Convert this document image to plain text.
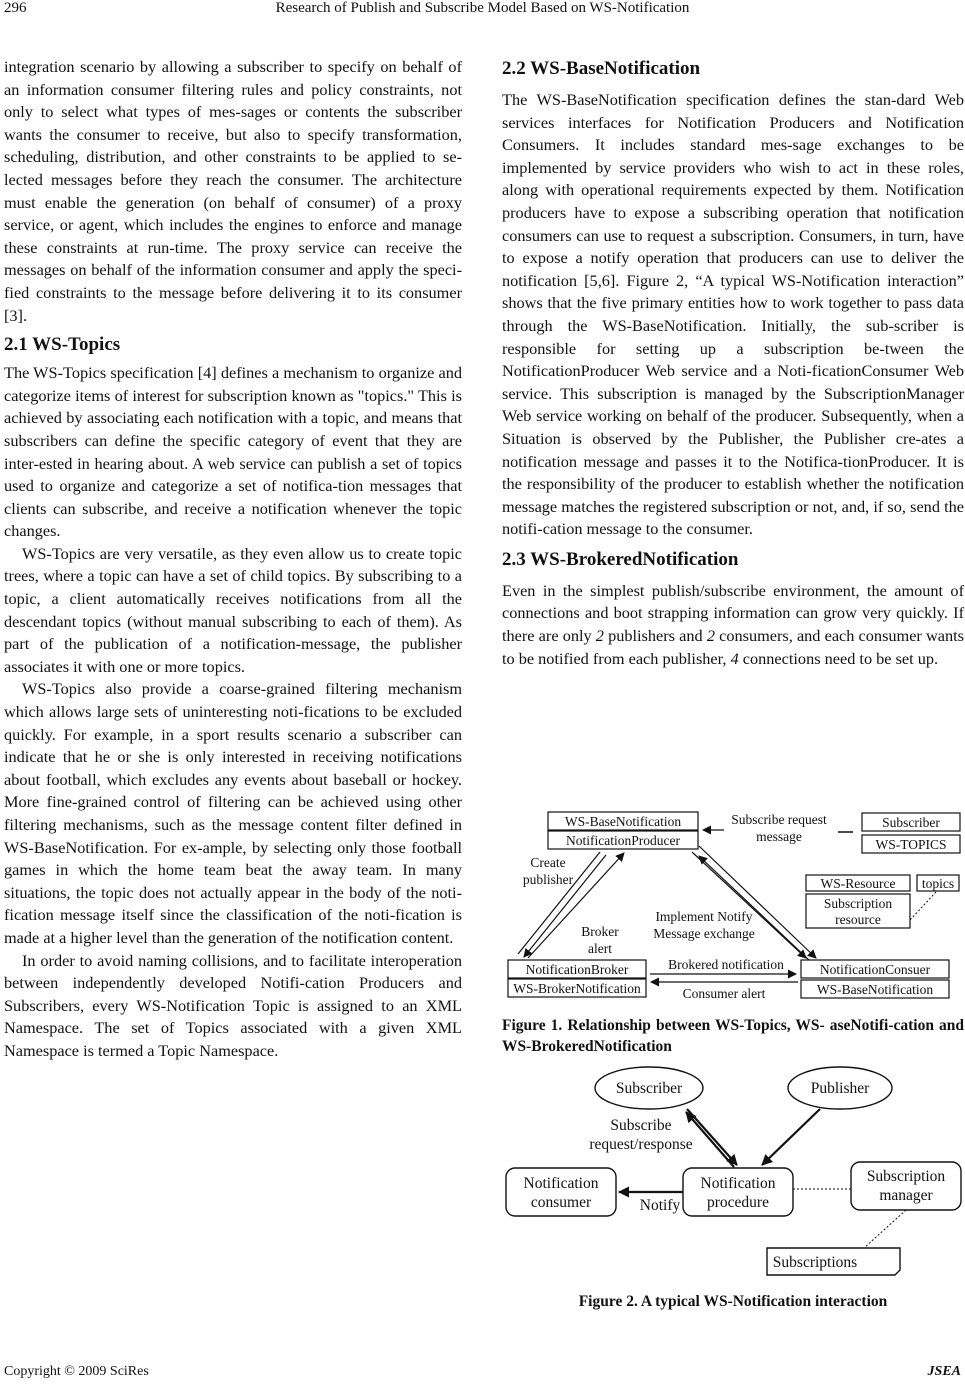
296	Research of Publish and Subscribe Model Based on WS-Notification

integration scenario by allowing a subscriber to specify on behalf of an information consumer filtering rules and policy constraints, not only to select what types of mes-sages or contents the subscriber wants the consumer to receive, but also to specify transformation, scheduling, distribution, and other constraints to be applied to se-lected messages before they reach the consumer. The architecture must enable the generation (on behalf of consumer) of a proxy service, or agent, which includes the engines to enforce and manage these constraints at run-time. The proxy service can receive the messages on behalf of the information consumer and apply the speci-fied constraints to the message before delivering it to its consumer [3].

2.1 WS-Topics

The WS-Topics specification [4] defines a mechanism to organize and categorize items of interest for subscription known as "topics." This is achieved by associating each notification with a topic, and means that subscribers can define the specific category of event that they are inter-ested in hearing about. A web service can publish a set of topics used to organize and categorize a set of notifica-tion messages that clients can subscribe, and receive a notification whenever the topic changes.

WS-Topics are very versatile, as they even allow us to create topic trees, where a topic can have a set of child topics. By subscribing to a topic, a client automatically receives notifications from all the descendant topics (without manual subscribing to each of them). As part of the publication of a notification-message, the publisher associates it with one or more topics.

WS-Topics also provide a coarse-grained filtering mechanism which allows large sets of uninteresting noti-fications to be excluded quickly. For example, in a sport results scenario a subscriber can indicate that he or she is only interested in receiving notifications about football, which excludes any events about baseball or hockey. More fine-grained control of filtering can be achieved using other filtering mechanisms, such as the message content filter defined in WS-BaseNotification. For ex-ample, by selecting only those football games in which the home team beat the away team. In many situations, the topic does not actually appear in the body of the noti-fication message itself since the classification of the noti-fication is made at a higher level than the generation of the notification content.

In order to avoid naming collisions, and to facilitate interoperation between independently developed Notifi-cation Producers and Subscribers, every WS-Notification Topic is assigned to an XML Namespace. The set of Topics associated with a given XML Namespace is termed a Topic Namespace.

2.2 WS-BaseNotification

The WS-BaseNotification specification defines the stan-dard Web services interfaces for Notification Producers and Notification Consumers. It includes standard mes-sage exchanges to be implemented by service providers who wish to act in these roles, along with operational requirements expected by them. Notification producers have to expose a subscribing operation that notification consumers can use to request a subscription. Consumers, in turn, have to expose a notify operation that producers can use to deliver the notification [5,6]. Figure 2, “A typical WS-Notification interaction” shows that the five primary entities how to work together to pass data through the WS-BaseNotification. Initially, the sub-scriber is responsible for setting up a subscription be-tween the NotificationProducer Web service and a Noti-ficationConsumer Web service. This subscription is managed by the SubscriptionManager Web service working on behalf of the producer. Subsequently, when a Situation is observed by the Publisher, the Publisher cre-ates a notification message and passes it to the Notifica-tionProducer. It is the responsibility of the producer to establish whether the notification message matches the registered subscription or not, and, if so, send the notifi-cation message to the consumer.

2.3 WS-BrokeredNotification

Even in the simplest publish/subscribe environment, the amount of connections and boot strapping information can grow very quickly. If there are only 2 publishers and 2 consumers, and each consumer wants to be notified from each publisher, 4 connections need to be set up.

WS-BaseNotification
NotificationProducer
Subscribe request
message
Subscriber
WS-TOPICS
Create
publisher	WS-Resource topics
Subscription
resource
Implement Notify
Message exchange
Broker
alert
NotificationBroker
WS-BrokerNotification
Brokered notification
Consumer alert
NotificationConsuer
WS-BaseNotification
Figure 1. Relationship between WS-Topics, WS- aseNotifi-cation and WS-BrokeredNotification
Subscriber	Publisher
Subscribe
request/response
Notification
consumer
Notification
procedure
Notify
Subscription
manager
Subscriptions
Figure 2. A typical WS-Notification interaction
Copyright © 2009 SciRes	JSEA
